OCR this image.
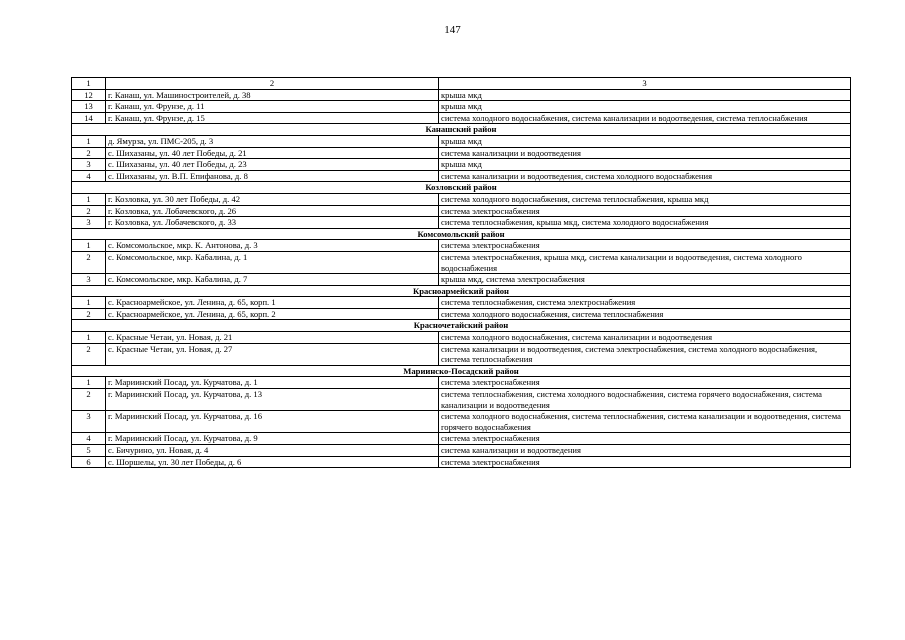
147
1	2	3
12	г. Канаш, ул. Машиностроителей, д. 38	крыша мкд
13	г. Канаш, ул. Фрунзе, д. 11	крыша мкд
14	г. Канаш, ул. Фрунзе, д. 15	система холодного водоснабжения, система канализации и водоотведения, система теплоснабжения
Канашский район		
1	д. Ямурза, ул. ПМС-205, д. 3	крыша мкд
2	с. Шихазаны, ул. 40 лет Победы, д. 21	система канализации и водоотведения
3	с. Шихазаны, ул. 40 лет Победы, д. 23	крыша мкд
4	с. Шихазаны, ул. В.П. Епифанова, д. 8	система канализации и водоотведения, система холодного водоснабжения
Козловский район		
1	г. Козловка, ул. 30 лет Победы, д. 42	система холодного водоснабжения, система теплоснабжения, крыша мкд
2	г. Козловка, ул. Лобачевского, д. 26	система электроснабжения
3	г. Козловка, ул. Лобачевского, д. 33	система теплоснабжения, крыша мкд, система холодного водоснабжения
Комсомольский район		
1	с. Комсомольское, мкр. К. Антонова, д. 3	система электроснабжения
2	с. Комсомольское, мкр. Кабалина, д. 1	система электроснабжения, крыша мкд, система канализации и водоотведения, система холодного водоснабжения
3	с. Комсомольское, мкр. Кабалина, д. 7	крыша мкд, система электроснабжения
Красноармейский район		
1	с. Красноармейское, ул. Ленина, д. 65, корп. 1	система теплоснабжения, система электроснабжения
2	с. Красноармейское, ул. Ленина, д. 65, корп. 2	система холодного водоснабжения, система теплоснабжения
Красночетайский район		
1	с. Красные Четаи, ул. Новая, д. 21	система холодного водоснабжения, система канализации и водоотведения
2	с. Красные Четаи, ул. Новая, д. 27	система канализации и водоотведения, система электроснабжения, система холодного водоснабжения, система теплоснабжения
Мариинско-Посадский район		
1	г. Мариинский Посад, ул. Курчатова, д. 1	система электроснабжения
2	г. Мариинский Посад, ул. Курчатова, д. 13	система теплоснабжения, система холодного водоснабжения, система горячего водоснабжения, система канализации и водоотведения
3	г. Мариинский Посад, ул. Курчатова, д. 16	система холодного водоснабжения, система теплоснабжения, система канализации и водоотведения, система горячего водоснабжения
4	г. Мариинский Посад, ул. Курчатова, д. 9	система электроснабжения
5	с. Бичурино, ул. Новая, д. 4	система канализации и водоотведения
6	с. Шоршелы, ул. 30 лет Победы, д. 6	система электроснабжения
